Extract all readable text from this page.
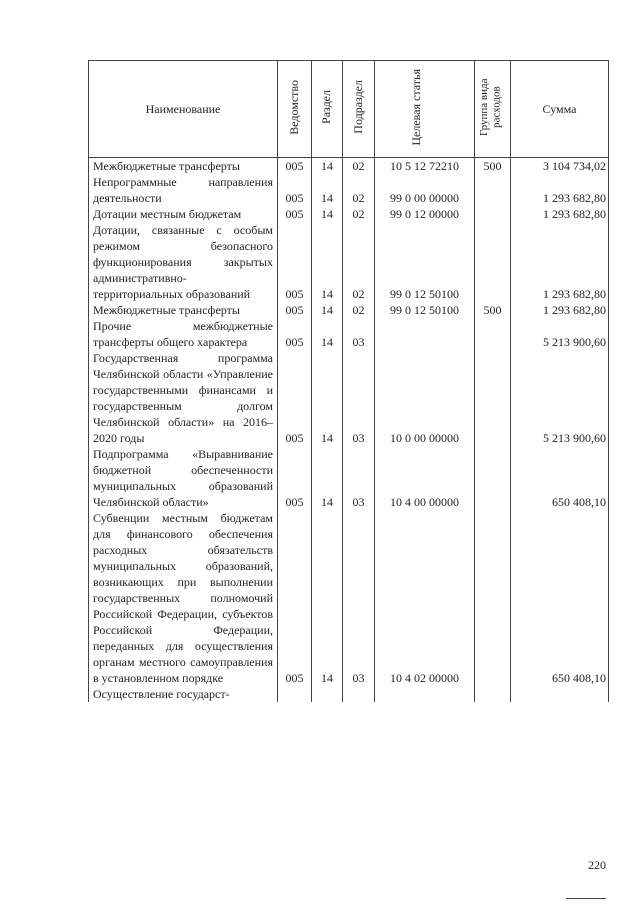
Наименование	Ведомство	Раздел	Подраздел	Целевая статья	Группа вида расходов	Сумма
Межбюджетные трансферты	005	14	02	10 5 12 72210	500	3 104 734,02
Непрограммные направления деятельности	005	14	02	99 0 00 00000		1 293 682,80
Дотации местным бюджетам	005	14	02	99 0 12 00000		1 293 682,80
Дотации, связанные с особым режимом безопасного функционирования закрытых административно-территориальных образований	005	14	02	99 0 12 50100		1 293 682,80
Межбюджетные трансферты	005	14	02	99 0 12 50100	500	1 293 682,80
Прочие межбюджетные трансферты общего характера	005	14	03			5 213 900,60
Государственная программа Челябинской области «Управление государственными финансами и государственным долгом Челябинской области» на 2016–2020 годы	005	14	03	10 0 00 00000		5 213 900,60
Подпрограмма «Выравнивание бюджетной обеспеченности муниципальных образований Челябинской области»	005	14	03	10 4 00 00000		650 408,10
Субвенции местным бюджетам для финансового обеспечения расходных обязательств муниципальных образований, возникающих при выполнении государственных полномочий Российской Федерации, субъектов Российской Федерации, переданных для осуществления органам местного самоуправления в установленном порядке	005	14	03	10 4 02 00000		650 408,10
Осуществление государст-						
220
